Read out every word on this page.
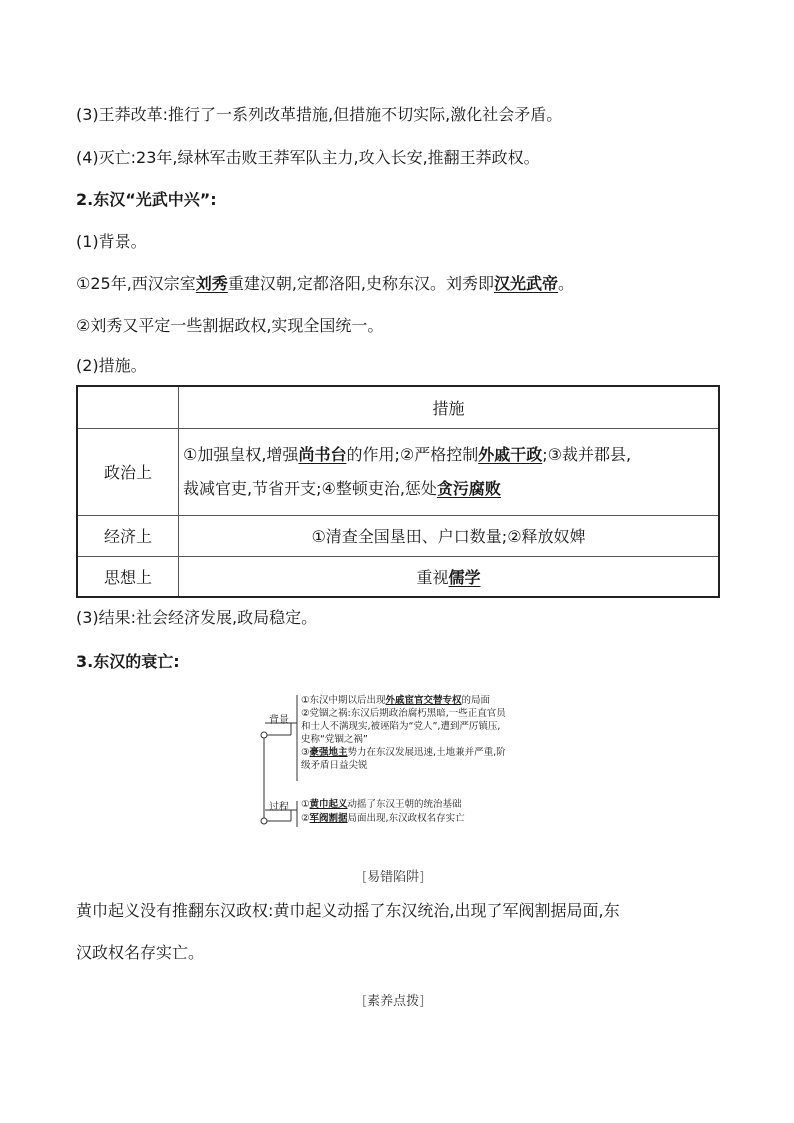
(3)王莽改革:推行了一系列改革措施,但措施不切实际,激化社会矛盾。
(4)灭亡:23年,绿林军击败王莽军队主力,攻入长安,推翻王莽政权。
2.东汉“光武中兴”:
(1)背景。
①25年,西汉宗室刘秀重建汉朝,定都洛阳,史称东汉。刘秀即汉光武帝。
②刘秀又平定一些割据政权,实现全国统一。
(2)措施。
	措施
政治上	①加强皇权,增强尚书台的作用;②严格控制外戚干政;③裁并郡县,
裁减官吏,节省开支;④整顿吏治,惩处贪污腐败
经济上	①清查全国垦田、户口数量;②释放奴婢
思想上	重视儒学
(3)结果:社会经济发展,政局稳定。
3.东汉的衰亡:
背景
过程
①东汉中期以后出现外戚宦官交替专权的局面
②党锢之祸:东汉后期政治腐朽黑暗,一些正直官员
和士人不满现实,被诬陷为“党人”,遭到严厉镇压,
史称“党锢之祸”
③豪强地主势力在东汉发展迅速,土地兼并严重,阶
级矛盾日益尖锐
①黄巾起义动摇了东汉王朝的统治基础
②军阀割据局面出现,东汉政权名存实亡
[易错陷阱]
黄巾起义没有推翻东汉政权:黄巾起义动摇了东汉统治,出现了军阀割据局面,东
汉政权名存实亡。
[素养点拨]
